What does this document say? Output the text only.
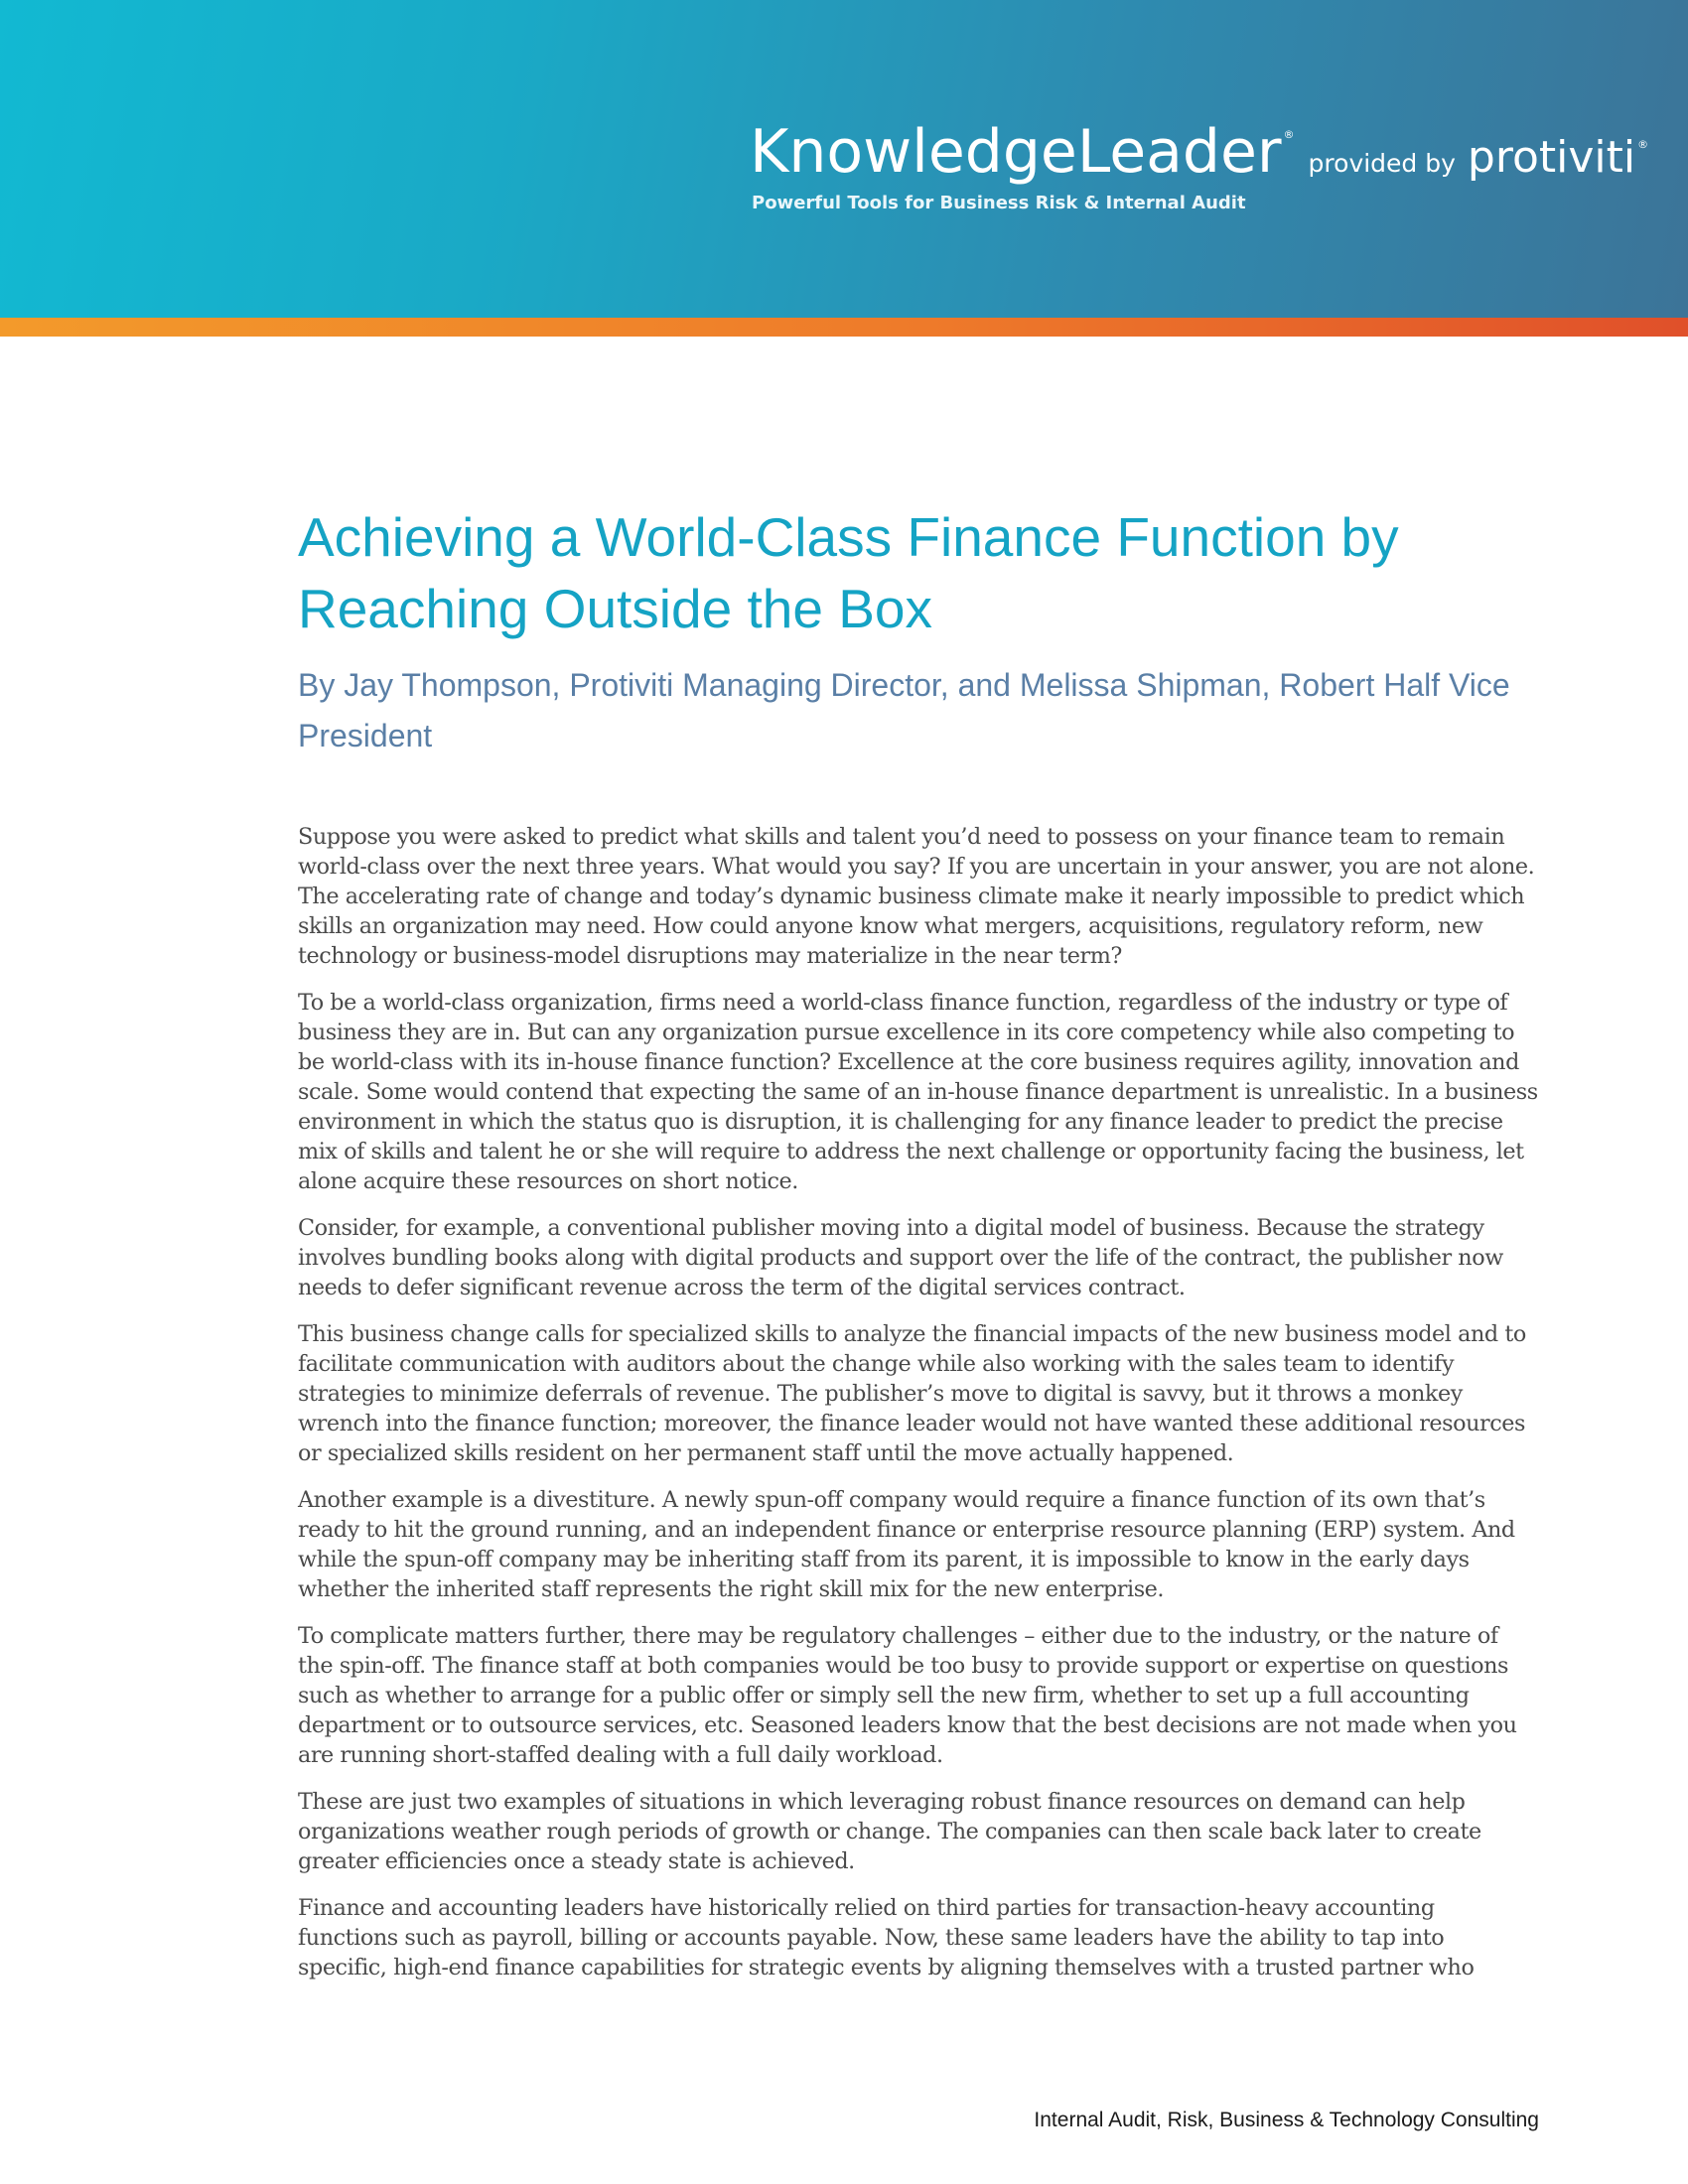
KnowledgeLeader ®
provided by protiviti ®
Powerful Tools for Business Risk & Internal Audit
Achieving a World-Class Finance Function by Reaching Outside the Box

By Jay Thompson, Protiviti Managing Director, and Melissa Shipman, Robert Half Vice President

Suppose you were asked to predict what skills and talent you’d need to possess on your finance team to remain world-class over the next three years. What would you say? If you are uncertain in your answer, you are not alone. The accelerating rate of change and today’s dynamic business climate make it nearly impossible to predict which skills an organization may need. How could anyone know what mergers, acquisitions, regulatory reform, new technology or business-model disruptions may materialize in the near term?

To be a world-class organization, firms need a world-class finance function, regardless of the industry or type of business they are in. But can any organization pursue excellence in its core competency while also competing to be world-class with its in-house finance function? Excellence at the core business requires agility, innovation and scale. Some would contend that expecting the same of an in-house finance department is unrealistic. In a business environment in which the status quo is disruption, it is challenging for any finance leader to predict the precise mix of skills and talent he or she will require to address the next challenge or opportunity facing the business, let alone acquire these resources on short notice.

Consider, for example, a conventional publisher moving into a digital model of business. Because the strategy involves bundling books along with digital products and support over the life of the contract, the publisher now needs to defer significant revenue across the term of the digital services contract.

This business change calls for specialized skills to analyze the financial impacts of the new business model and to facilitate communication with auditors about the change while also working with the sales team to identify strategies to minimize deferrals of revenue. The publisher’s move to digital is savvy, but it throws a monkey wrench into the finance function; moreover, the finance leader would not have wanted these additional resources or specialized skills resident on her permanent staff until the move actually happened.

Another example is a divestiture. A newly spun-off company would require a finance function of its own that’s ready to hit the ground running, and an independent finance or enterprise resource planning (ERP) system. And while the spun-off company may be inheriting staff from its parent, it is impossible to know in the early days whether the inherited staff represents the right skill mix for the new enterprise.

To complicate matters further, there may be regulatory challenges – either due to the industry, or the nature of the spin-off. The finance staff at both companies would be too busy to provide support or expertise on questions such as whether to arrange for a public offer or simply sell the new firm, whether to set up a full accounting department or to outsource services, etc. Seasoned leaders know that the best decisions are not made when you are running short-staffed dealing with a full daily workload.

These are just two examples of situations in which leveraging robust finance resources on demand can help organizations weather rough periods of growth or change. The companies can then scale back later to create greater efficiencies once a steady state is achieved.

Finance and accounting leaders have historically relied on third parties for transaction-heavy accounting functions such as payroll, billing or accounts payable. Now, these same leaders have the ability to tap into specific, high-end finance capabilities for strategic events by aligning themselves with a trusted partner who

Internal Audit, Risk, Business & Technology Consulting
